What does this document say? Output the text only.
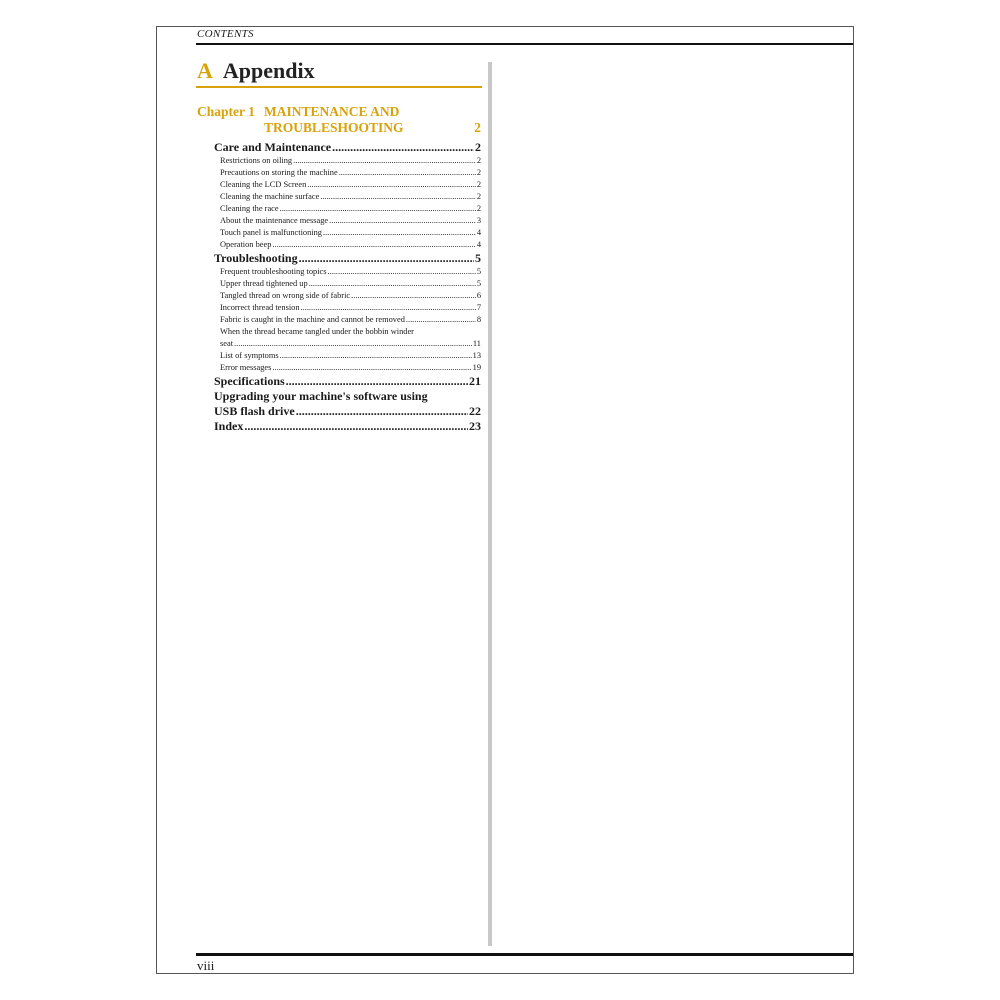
CONTENTS
A Appendix
Chapter 1 MAINTENANCE AND
TROUBLESHOOTING	2
Care and Maintenance .....	2
Restrictions on oiling .....	2
Precautions on storing the machine .....	2
Cleaning the LCD Screen .....	2
Cleaning the machine surface .....	2
Cleaning the race .....	2
About the maintenance message .....	3
Touch panel is malfunctioning .....	4
Operation beep .....	4
Troubleshooting .....	5
Frequent troubleshooting topics .....	5
Upper thread tightened up .....	5
Tangled thread on wrong side of fabric .....	6
Incorrect thread tension .....	7
Fabric is caught in the machine and cannot be removed .....	8
When the thread became tangled under the bobbin winder
seat .....	11
List of symptoms .....	13
Error messages .....	19
Specifications .....	21
Upgrading your machine's software using
USB flash drive .....	22
Index .....	23
viii
